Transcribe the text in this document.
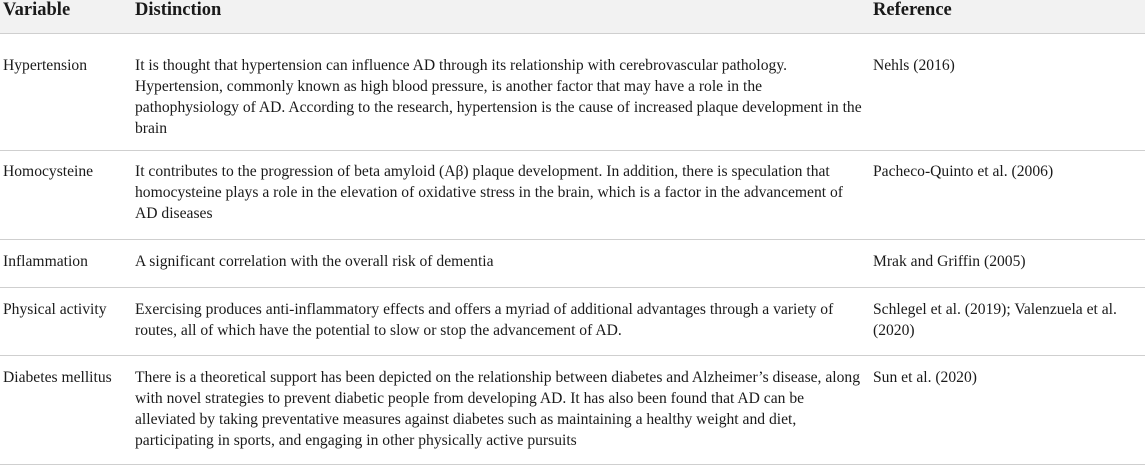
Variable	Distinction	Reference
Hypertension	It is thought that hypertension can influence AD through its relationship with cerebrovascular pathology. Hypertension, commonly known as high blood pressure, is another factor that may have a role in the pathophysiology of AD. According to the research, hypertension is the cause of increased plaque development in the brain	Nehls (2016)
Homocysteine	It contributes to the progression of beta amyloid (Aβ) plaque development. In addition, there is speculation that homocysteine plays a role in the elevation of oxidative stress in the brain, which is a factor in the advancement of AD diseases	Pacheco-Quinto et al. (2006)
Inflammation	A significant correlation with the overall risk of dementia	Mrak and Griffin (2005)
Physical activity	Exercising produces anti-inflammatory effects and offers a myriad of additional advantages through a variety of routes, all of which have the potential to slow or stop the advancement of AD.	Schlegel et al. (2019); Valenzuela et al. (2020)
Diabetes mellitus	There is a theoretical support has been depicted on the relationship between diabetes and Alzheimer’s disease, along with novel strategies to prevent diabetic people from developing AD. It has also been found that AD can be alleviated by taking preventative measures against diabetes such as maintaining a healthy weight and diet, participating in sports, and engaging in other physically active pursuits	Sun et al. (2020)
